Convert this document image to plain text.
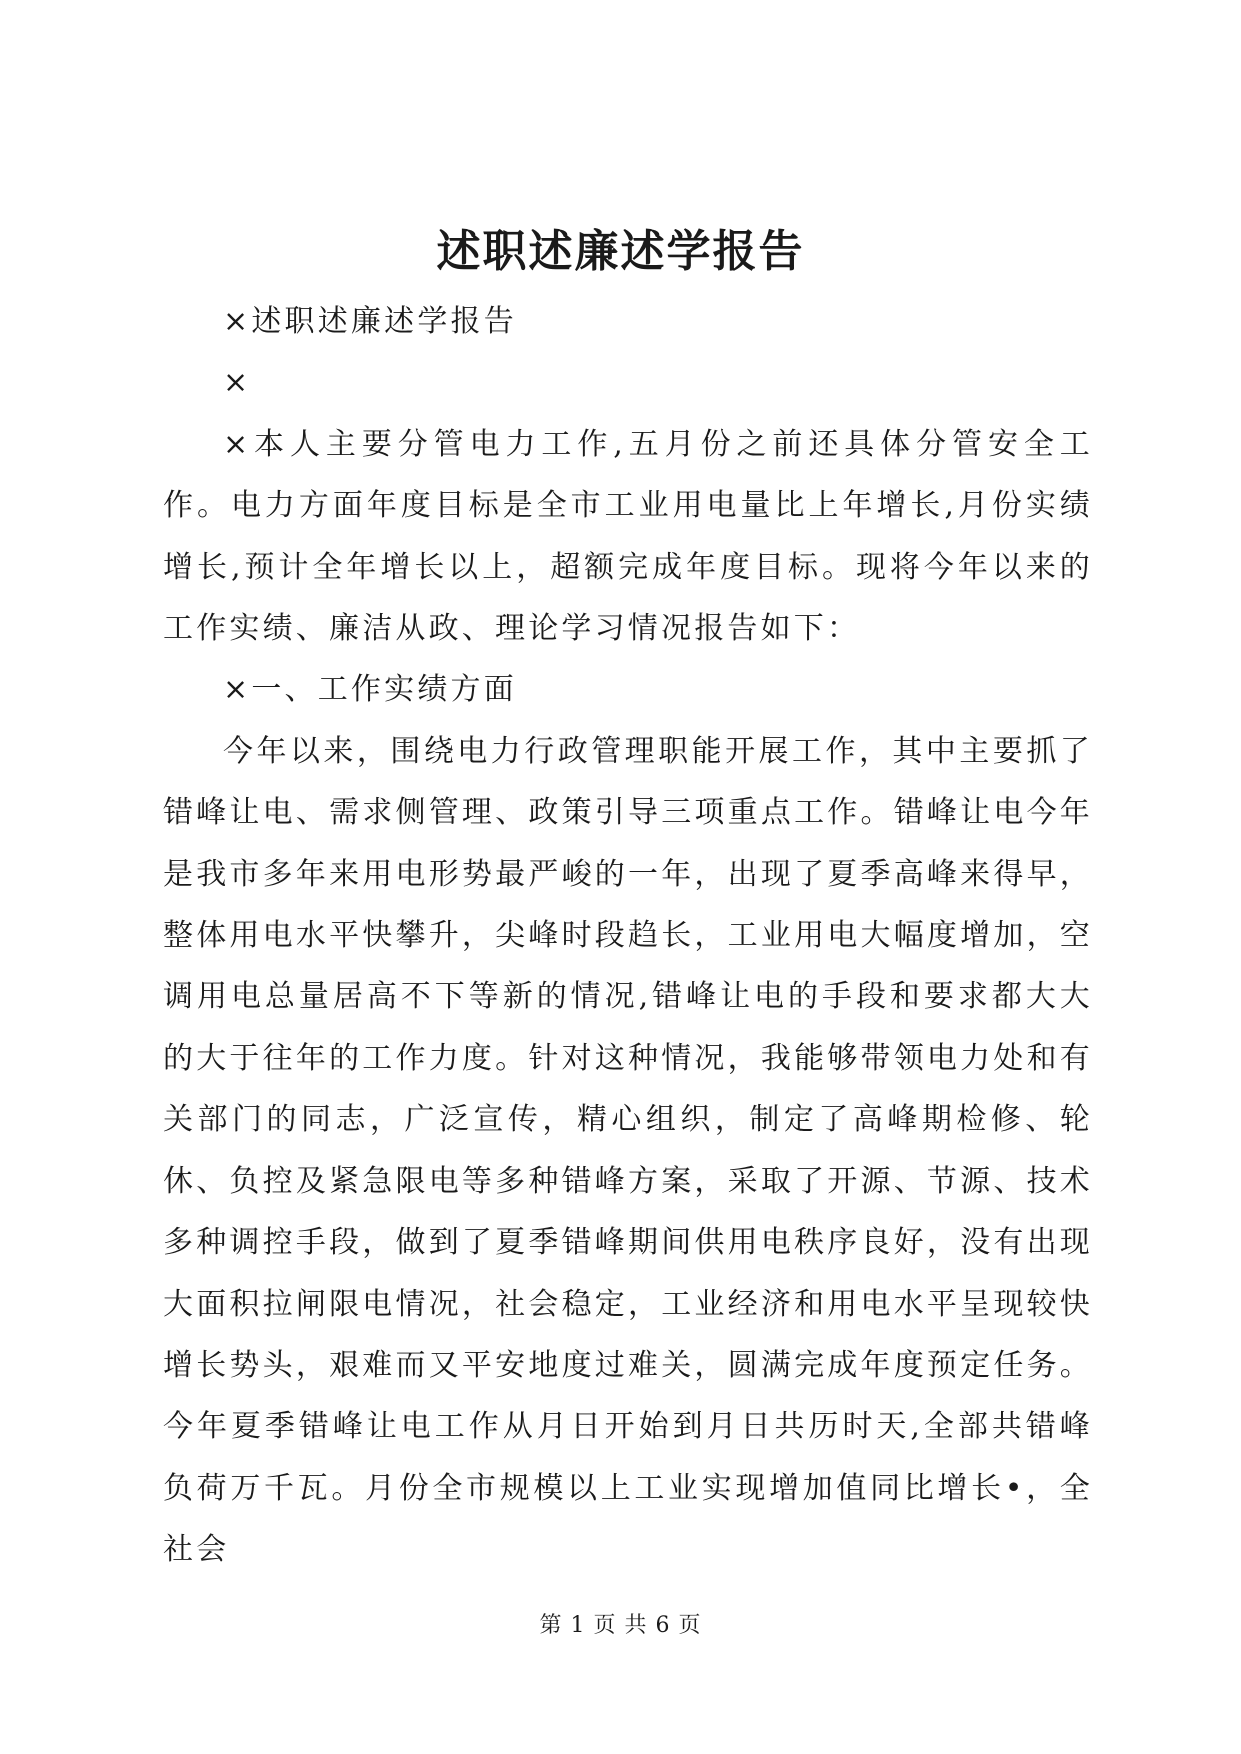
述职述廉述学报告

×述职述廉述学报告

×

×本人主要分管电力工作,五月份之前还具体分管安全工作。电力方面年度目标是全市工业用电量比上年增长,月份实绩增长,预计全年增长以上，超额完成年度目标。现将今年以来的工作实绩、廉洁从政、理论学习情况报告如下：

×一、工作实绩方面

今年以来，围绕电力行政管理职能开展工作，其中主要抓了错峰让电、需求侧管理、政策引导三项重点工作。错峰让电今年是我市多年来用电形势最严峻的一年，出现了夏季高峰来得早，整体用电水平快攀升，尖峰时段趋长，工业用电大幅度增加，空调用电总量居高不下等新的情况,错峰让电的手段和要求都大大的大于往年的工作力度。针对这种情况，我能够带领电力处和有关部门的同志，广泛宣传，精心组织，制定了高峰期检修、轮休、负控及紧急限电等多种错峰方案，采取了开源、节源、技术多种调控手段，做到了夏季错峰期间供用电秩序良好，没有出现大面积拉闸限电情况，社会稳定，工业经济和用电水平呈现较快增长势头，艰难而又平安地度过难关，圆满完成年度预定任务。今年夏季错峰让电工作从月日开始到月日共历时天,全部共错峰负荷万千瓦。月份全市规模以上工业实现增加值同比增长•，全社会

第 1 页 共 6 页
